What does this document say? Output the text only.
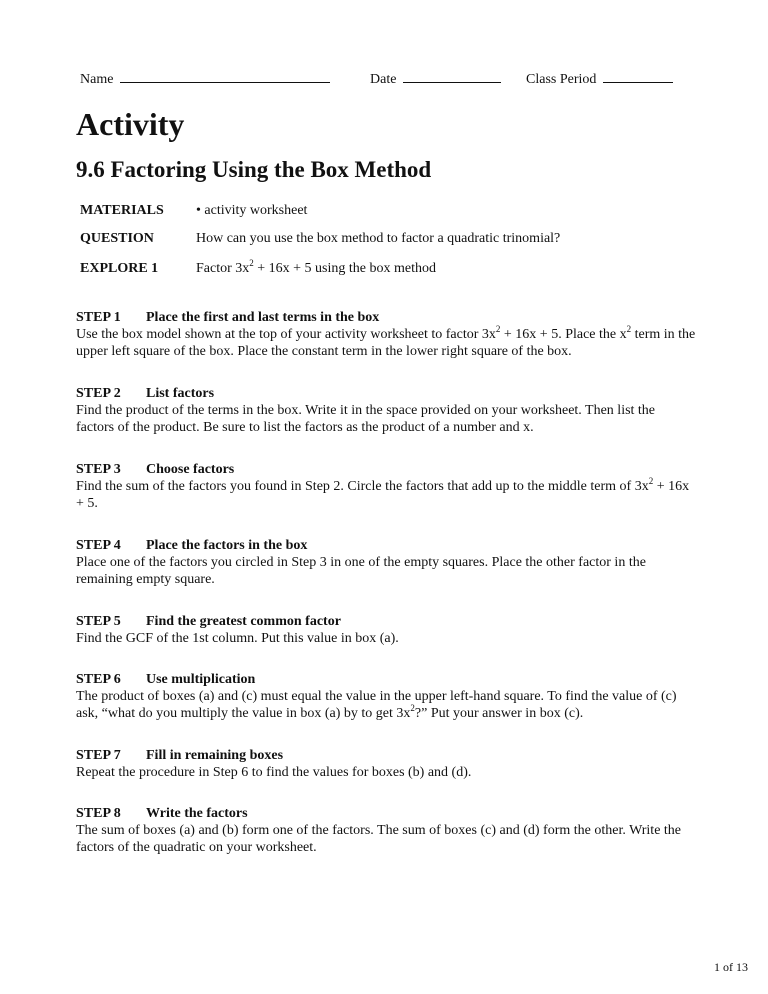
Name	Date	Class Period
Activity
9.6 Factoring Using the Box Method
MATERIALS • activity worksheet
QUESTION	How can you use the box method to factor a quadratic trinomial?
EXPLORE 1	Factor $3x^2 + 16x + 5$ using the box method

STEP 1 Place the first and last terms in the box

Use the box model shown at the top of your activity worksheet to factor $3x^2 + 16x + 5$. Place the $x^2$ term in the upper left square of the box. Place the constant term in the lower right square of the box.

STEP 2 List factors

Find the product of the terms in the box. Write it in the space provided on your worksheet. Then list the factors of the product. Be sure to list the factors as the product of a number and x.

STEP 3 Choose factors

Find the sum of the factors you found in Step 2. Circle the factors that add up to the middle term of $3x^2 + 16x + 5$.

STEP 4 Place the factors in the box

Place one of the factors you circled in Step 3 in one of the empty squares. Place the other factor in the remaining empty square.

STEP 5 Find the greatest common factor

Find the GCF of the 1st column. Put this value in box (a).

STEP 6 Use multiplication

The product of boxes (a) and (c) must equal the value in the upper left-hand square. To find the value of (c) ask, “what do you multiply the value in box (a) by to get $3x^2$?” Put your answer in box (c).

STEP 7 Fill in remaining boxes

Repeat the procedure in Step 6 to find the values for boxes (b) and (d).

STEP 8 Write the factors

The sum of boxes (a) and (b) form one of the factors. The sum of boxes (c) and (d) form the other. Write the factors of the quadratic on your worksheet.

1 of 13
